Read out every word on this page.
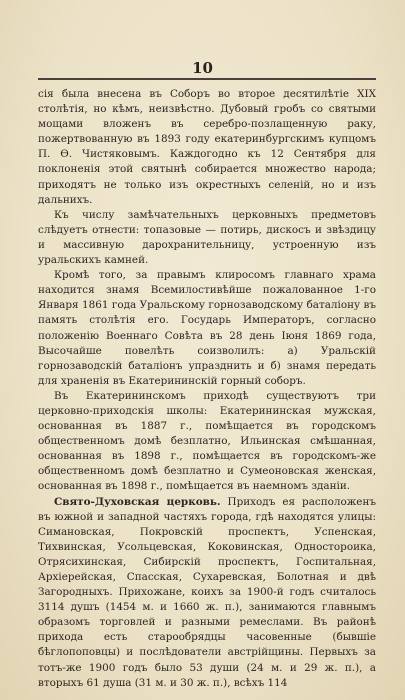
10

сія была внесена въ Соборъ во второе десятилѣтіе XIX столѣтія, но кѣмъ, неизвѣстно. Дубовый гробъ со святыми мощами вложенъ въ серебро-позлащенную раку, пожертвованную въ 1893 году екатеринбургскимъ купцомъ П. Ѳ. Чистяковымъ. Каждогодно къ 12 Сентября для поклоненія этой святынѣ собирается множество народа; приходятъ не только изъ окрестныхъ селеній, но и изъ дальнихъ.

Къ числу замѣчательныхъ церковныхъ предметовъ слѣдуетъ отнести: топазовые — потирь, дискосъ и звѣздицу и массивную дарохранительницу, устроенную изъ уральскихъ камней.

Кромѣ того, за правымъ клиросомъ главнаго храма находится знамя Всемилостивѣйше пожалованное 1-го Января 1861 года Уральскому горнозаводскому баталіону въ память столѣтія его. Государь Императоръ, согласно положенію Военнаго Совѣта въ 28 день Іюня 1869 года, Высочайше повелѣть соизволилъ: а) Уральскій горнозаводскій баталіонъ упразднить и б) знамя передать для храненія въ Екатерининскій горный соборъ.

Въ Екатерининскомъ приходѣ существуютъ три церковно-приходскія школы: Екатерининская мужская, основанная въ 1887 г., помѣщается въ городскомъ общественномъ домѣ безплатно, Ильинская смѣшанная, основанная въ 1898 г., помѣщается въ городскомъ-же общественномъ домѣ безплатно и Сумеоновская женская, основанная въ 1898 г., помѣщается въ наемномъ зданіи.

Свято-Духовская церковь. Приходъ ея расположенъ въ южной и западной частяхъ города, гдѣ находятся улицы: Симановская, Покровскій проспектъ, Успенская, Тихвинская, Усольцевская, Коковинская, Одностороика, Отрясихинская, Сибирскій проспектъ, Госпитальная, Архіерейская, Спасская, Сухаревская, Болотная и двѣ Загородныхъ. Прихожане, коихъ за 1900-й годъ считалось 3114 душъ (1454 м. и 1660 ж. п.), занимаются главнымъ образомъ торговлей и разными ремеслами. Въ районѣ прихода есть старообрядцы часовенные (бывшіе бѣглопоповцы) и послѣдователи австрійщины. Первыхъ за тотъ-же 1900 годъ было 53 души (24 м. и 29 ж. п.), а вторыхъ 61 душа (31 м. и 30 ж. п.), всѣхъ 114
